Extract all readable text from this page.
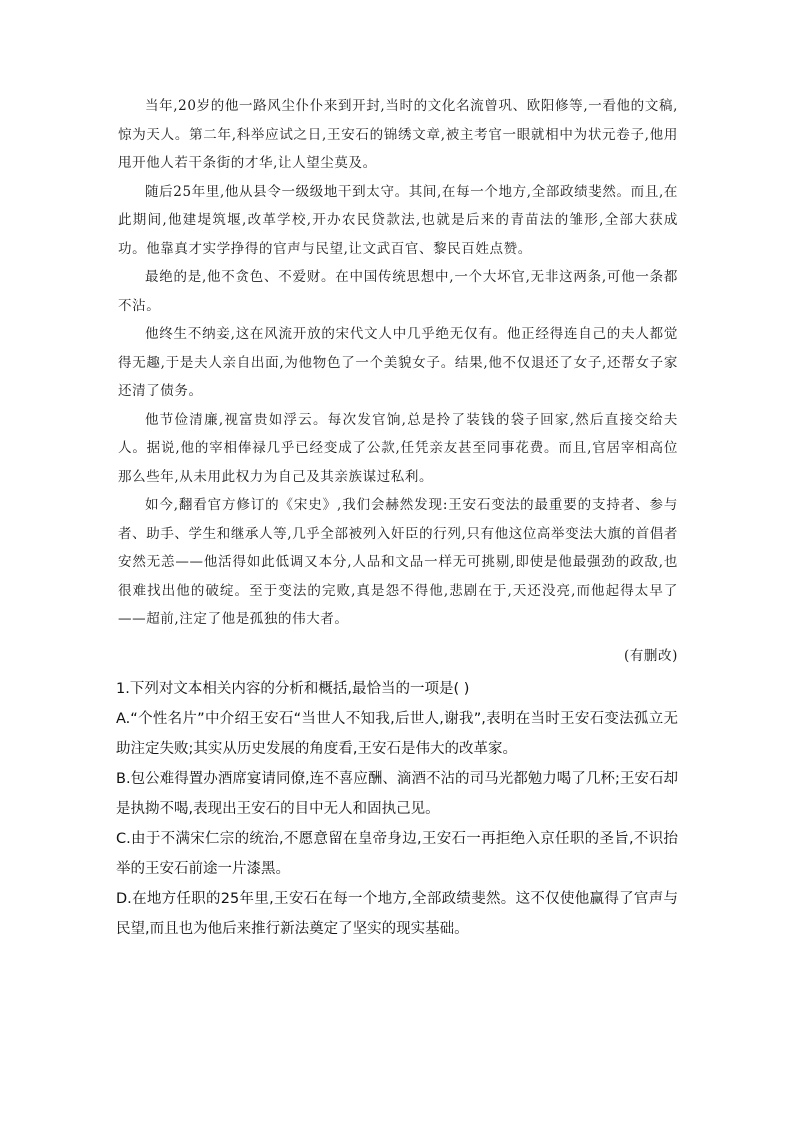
当年,20岁的他一路风尘仆仆来到开封,当时的文化名流曾巩、欧阳修等,一看他的文稿,惊为天人。第二年,科举应试之日,王安石的锦绣文章,被主考官一眼就相中为状元卷子,他用甩开他人若干条街的才华,让人望尘莫及。

随后25年里,他从县令一级级地干到太守。其间,在每一个地方,全部政绩斐然。而且,在此期间,他建堤筑堰,改革学校,开办农民贷款法,也就是后来的青苗法的雏形,全部大获成功。他靠真才实学挣得的官声与民望,让文武百官、黎民百姓点赞。

最绝的是,他不贪色、不爱财。在中国传统思想中,一个大坏官,无非这两条,可他一条都不沾。

他终生不纳妾,这在风流开放的宋代文人中几乎绝无仅有。他正经得连自己的夫人都觉得无趣,于是夫人亲自出面,为他物色了一个美貌女子。结果,他不仅退还了女子,还帮女子家还清了债务。

他节俭清廉,视富贵如浮云。每次发官饷,总是拎了装钱的袋子回家,然后直接交给夫人。据说,他的宰相俸禄几乎已经变成了公款,任凭亲友甚至同事花费。而且,官居宰相高位那么些年,从未用此权力为自己及其亲族谋过私利。

如今,翻看官方修订的《宋史》,我们会赫然发现:王安石变法的最重要的支持者、参与者、助手、学生和继承人等,几乎全部被列入奸臣的行列,只有他这位高举变法大旗的首倡者安然无恙——他活得如此低调又本分,人品和文品一样无可挑剔,即使是他最强劲的政敌,也很难找出他的破绽。至于变法的完败,真是怨不得他,悲剧在于,天还没亮,而他起得太早了——超前,注定了他是孤独的伟大者。

(有删改)

1.下列对文本相关内容的分析和概括,最恰当的一项是( )

A.“个性名片”中介绍王安石“当世人不知我,后世人,谢我”,表明在当时王安石变法孤立无助注定失败;其实从历史发展的角度看,王安石是伟大的改革家。

B.包公难得置办酒席宴请同僚,连不喜应酬、滴酒不沾的司马光都勉力喝了几杯;王安石却是执拗不喝,表现出王安石的目中无人和固执己见。

C.由于不满宋仁宗的统治,不愿意留在皇帝身边,王安石一再拒绝入京任职的圣旨,不识抬举的王安石前途一片漆黑。

D.在地方任职的25年里,王安石在每一个地方,全部政绩斐然。这不仅使他赢得了官声与民望,而且也为他后来推行新法奠定了坚实的现实基础。
